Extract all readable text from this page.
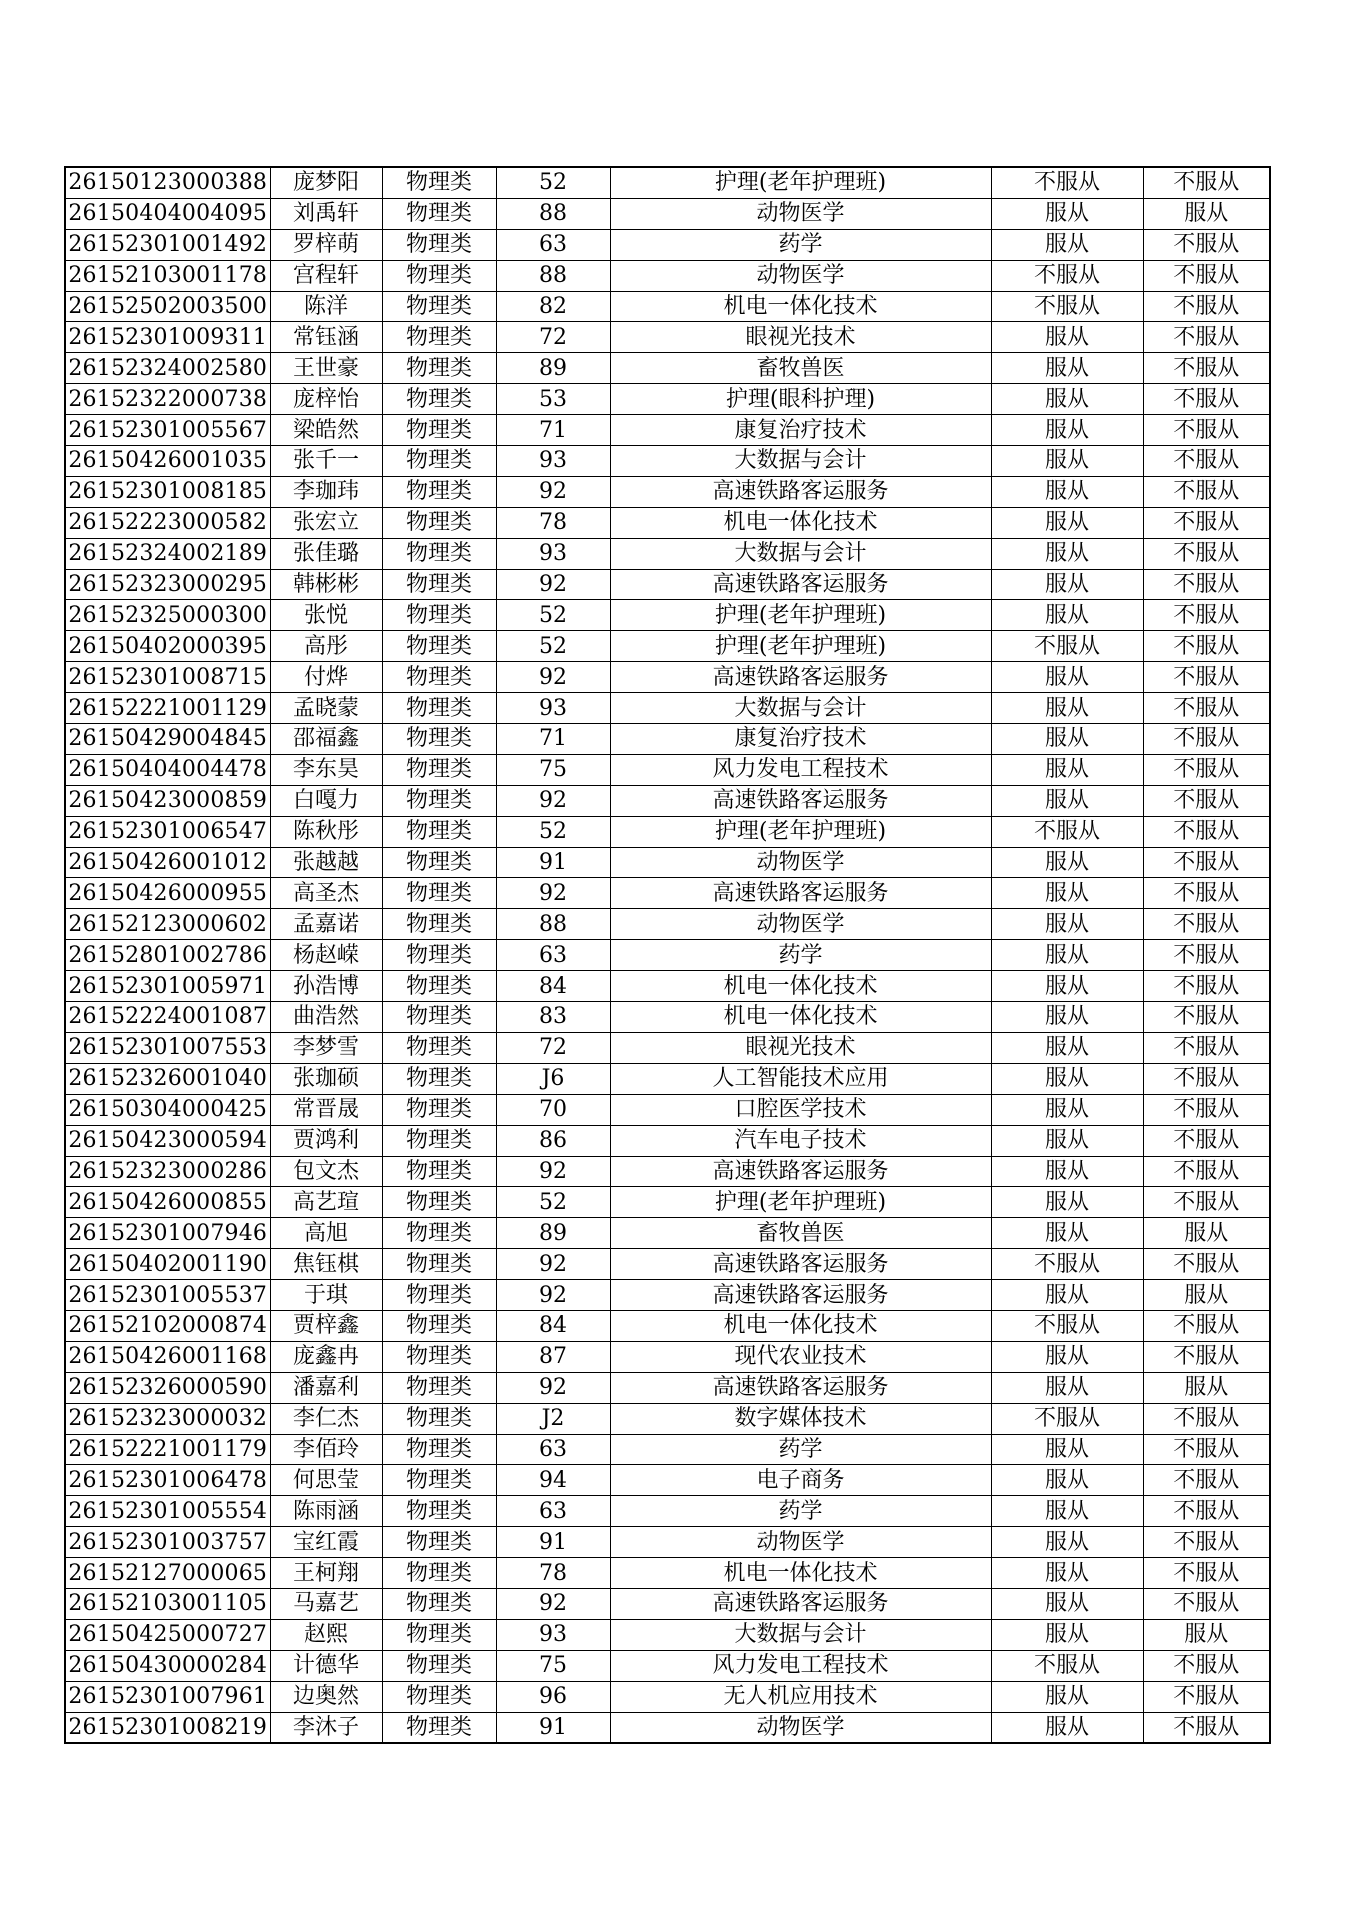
26150123000388	庞梦阳	物理类	52	护理(老年护理班)	不服从	不服从
26150404004095	刘禹轩	物理类	88	动物医学	服从	服从
26152301001492	罗梓萌	物理类	63	药学	服从	不服从
26152103001178	宫程轩	物理类	88	动物医学	不服从	不服从
26152502003500	陈洋	物理类	82	机电一体化技术	不服从	不服从
26152301009311	常钰涵	物理类	72	眼视光技术	服从	不服从
26152324002580	王世豪	物理类	89	畜牧兽医	服从	不服从
26152322000738	庞梓怡	物理类	53	护理(眼科护理)	服从	不服从
26152301005567	梁皓然	物理类	71	康复治疗技术	服从	不服从
26150426001035	张千一	物理类	93	大数据与会计	服从	不服从
26152301008185	李珈玮	物理类	92	高速铁路客运服务	服从	不服从
26152223000582	张宏立	物理类	78	机电一体化技术	服从	不服从
26152324002189	张佳璐	物理类	93	大数据与会计	服从	不服从
26152323000295	韩彬彬	物理类	92	高速铁路客运服务	服从	不服从
26152325000300	张悦	物理类	52	护理(老年护理班)	服从	不服从
26150402000395	高彤	物理类	52	护理(老年护理班)	不服从	不服从
26152301008715	付烨	物理类	92	高速铁路客运服务	服从	不服从
26152221001129	孟晓蒙	物理类	93	大数据与会计	服从	不服从
26150429004845	邵福鑫	物理类	71	康复治疗技术	服从	不服从
26150404004478	李东昊	物理类	75	风力发电工程技术	服从	不服从
26150423000859	白嘎力	物理类	92	高速铁路客运服务	服从	不服从
26152301006547	陈秋彤	物理类	52	护理(老年护理班)	不服从	不服从
26150426001012	张越越	物理类	91	动物医学	服从	不服从
26150426000955	高圣杰	物理类	92	高速铁路客运服务	服从	不服从
26152123000602	孟嘉诺	物理类	88	动物医学	服从	不服从
26152801002786	杨赵嵘	物理类	63	药学	服从	不服从
26152301005971	孙浩博	物理类	84	机电一体化技术	服从	不服从
26152224001087	曲浩然	物理类	83	机电一体化技术	服从	不服从
26152301007553	李梦雪	物理类	72	眼视光技术	服从	不服从
26152326001040	张珈硕	物理类	J6	人工智能技术应用	服从	不服从
26150304000425	常晋晟	物理类	70	口腔医学技术	服从	不服从
26150423000594	贾鸿利	物理类	86	汽车电子技术	服从	不服从
26152323000286	包文杰	物理类	92	高速铁路客运服务	服从	不服从
26150426000855	高艺瑄	物理类	52	护理(老年护理班)	服从	不服从
26152301007946	高旭	物理类	89	畜牧兽医	服从	服从
26150402001190	焦钰棋	物理类	92	高速铁路客运服务	不服从	不服从
26152301005537	于琪	物理类	92	高速铁路客运服务	服从	服从
26152102000874	贾梓鑫	物理类	84	机电一体化技术	不服从	不服从
26150426001168	庞鑫冉	物理类	87	现代农业技术	服从	不服从
26152326000590	潘嘉利	物理类	92	高速铁路客运服务	服从	服从
26152323000032	李仁杰	物理类	J2	数字媒体技术	不服从	不服从
26152221001179	李佰玲	物理类	63	药学	服从	不服从
26152301006478	何思莹	物理类	94	电子商务	服从	不服从
26152301005554	陈雨涵	物理类	63	药学	服从	不服从
26152301003757	宝红霞	物理类	91	动物医学	服从	不服从
26152127000065	王柯翔	物理类	78	机电一体化技术	服从	不服从
26152103001105	马嘉艺	物理类	92	高速铁路客运服务	服从	不服从
26150425000727	赵熙	物理类	93	大数据与会计	服从	服从
26150430000284	计德华	物理类	75	风力发电工程技术	不服从	不服从
26152301007961	边奥然	物理类	96	无人机应用技术	服从	不服从
26152301008219	李沐子	物理类	91	动物医学	服从	不服从
